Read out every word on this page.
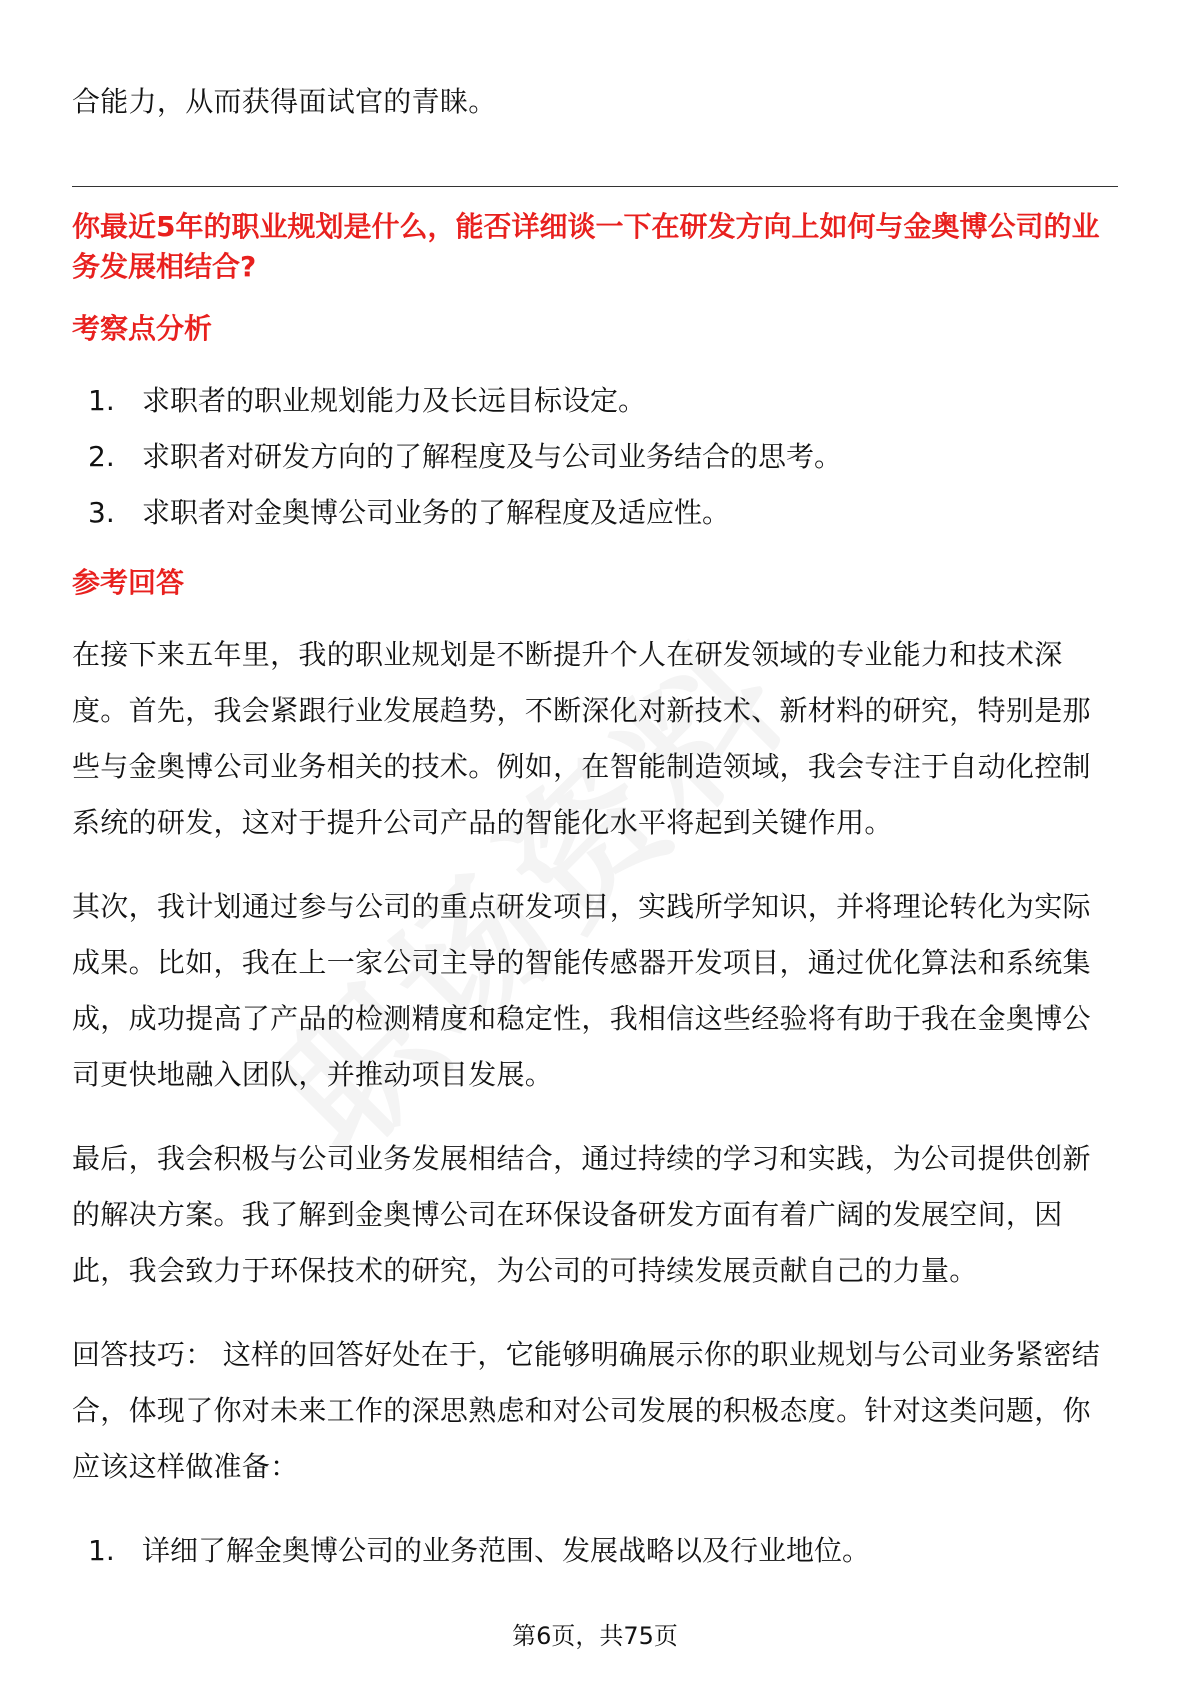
合能力，从而获得面试官的青睐。

你最近5年的职业规划是什么，能否详细谈一下在研发方向上如何与金奥博公司的业务发展相结合?

考察点分析
1. 求职者的职业规划能力及长远目标设定。
2. 求职者对研发方向的了解程度及与公司业务结合的思考。
3. 求职者对金奥博公司业务的了解程度及适应性。
参考回答

在接下来五年里，我的职业规划是不断提升个人在研发领域的专业能力和技术深度。首先，我会紧跟行业发展趋势，不断深化对新技术、新材料的研究，特别是那些与金奥博公司业务相关的技术。例如，在智能制造领域，我会专注于自动化控制系统的研发，这对于提升公司产品的智能化水平将起到关键作用。

其次，我计划通过参与公司的重点研发项目，实践所学知识，并将理论转化为实际成果。比如，我在上一家公司主导的智能传感器开发项目，通过优化算法和系统集成，成功提高了产品的检测精度和稳定性，我相信这些经验将有助于我在金奥博公司更快地融入团队，并推动项目发展。

最后，我会积极与公司业务发展相结合，通过持续的学习和实践，为公司提供创新的解决方案。我了解到金奥博公司在环保设备研发方面有着广阔的发展空间，因此，我会致力于环保技术的研究，为公司的可持续发展贡献自己的力量。

回答技巧： 这样的回答好处在于，它能够明确展示你的职业规划与公司业务紧密结合，体现了你对未来工作的深思熟虑和对公司发展的积极态度。针对这类问题，你应该这样做准备：

1. 详细了解金奥博公司的业务范围、发展战略以及行业地位。
第6页，共75页
